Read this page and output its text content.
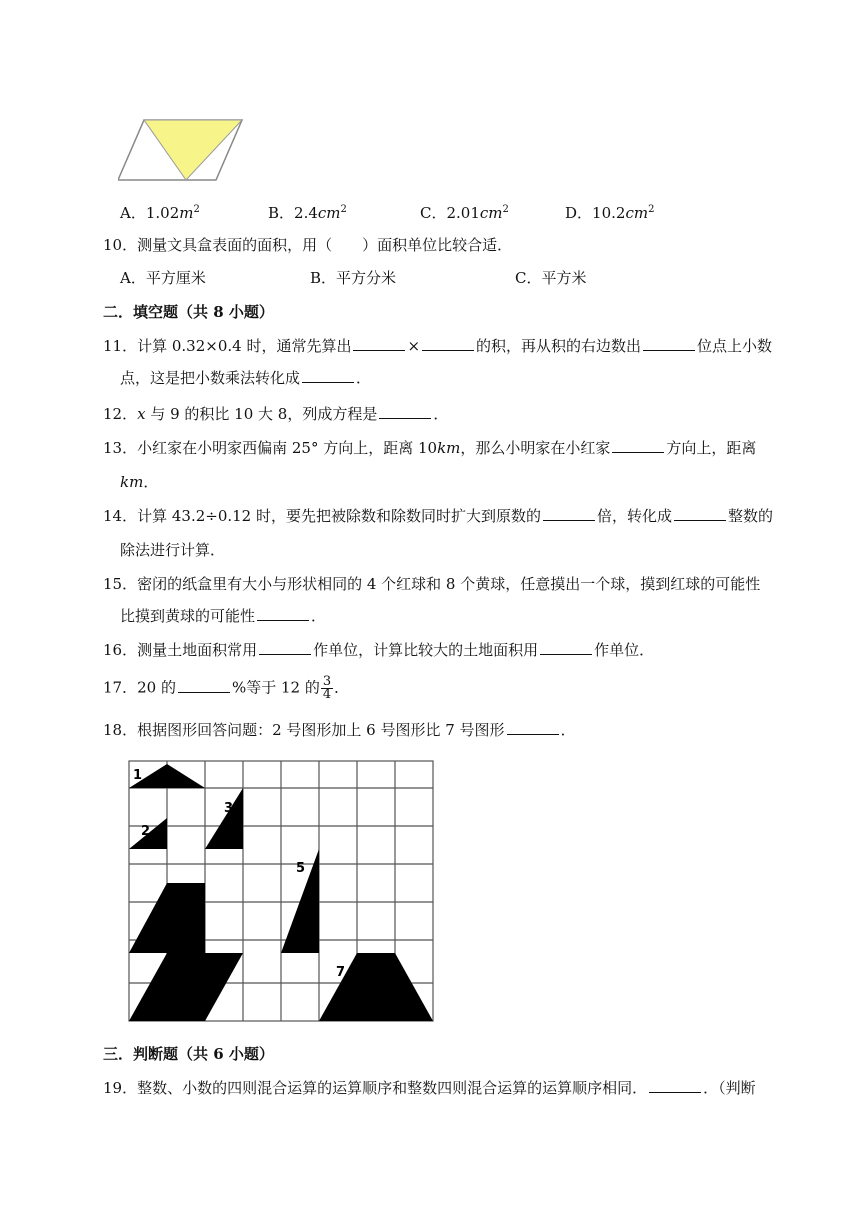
A．$1.02m^2$	B．$2.4cm^2$	C．$2.01cm^2$	D．$10.2cm^2$
10．测量文具盒表面的面积，用（　　）面积单位比较合适．
A．平方厘米	B．平方分米	C．平方米
二．填空题（共 8 小题）
11．计算 0.32×0.4 时，通常先算出	×	的积，再从积的右边数出	位点上小数
点，这是把小数乘法转化成	．
12．x 与 9 的积比 10 大 8，列成方程是	．
13．小红家在小明家西偏南 25° 方向上，距离 10km，那么小明家在小红家	方向上，距离
km．
14．计算 43.2÷0.12 时，要先把被除数和除数同时扩大到原数的	倍，转化成	整数的
除法进行计算．
15．密闭的纸盒里有大小与形状相同的 4 个红球和 8 个黄球，任意摸出一个球，摸到红球的可能性
比摸到黄球的可能性	．
16．测量土地面积常用	作单位，计算比较大的土地面积用	作单位．
17．20 的	%等于 12 的 $\frac{3}{4}$ ．
18．根据图形回答问题：2 号图形加上 6 号图形比 7 号图形	．
1
2
3
4
5
6	7
三．判断题（共 6 小题）
19．整数、小数的四则混合运算的运算顺序和整数四则混合运算的运算顺序相同．	．（判断
